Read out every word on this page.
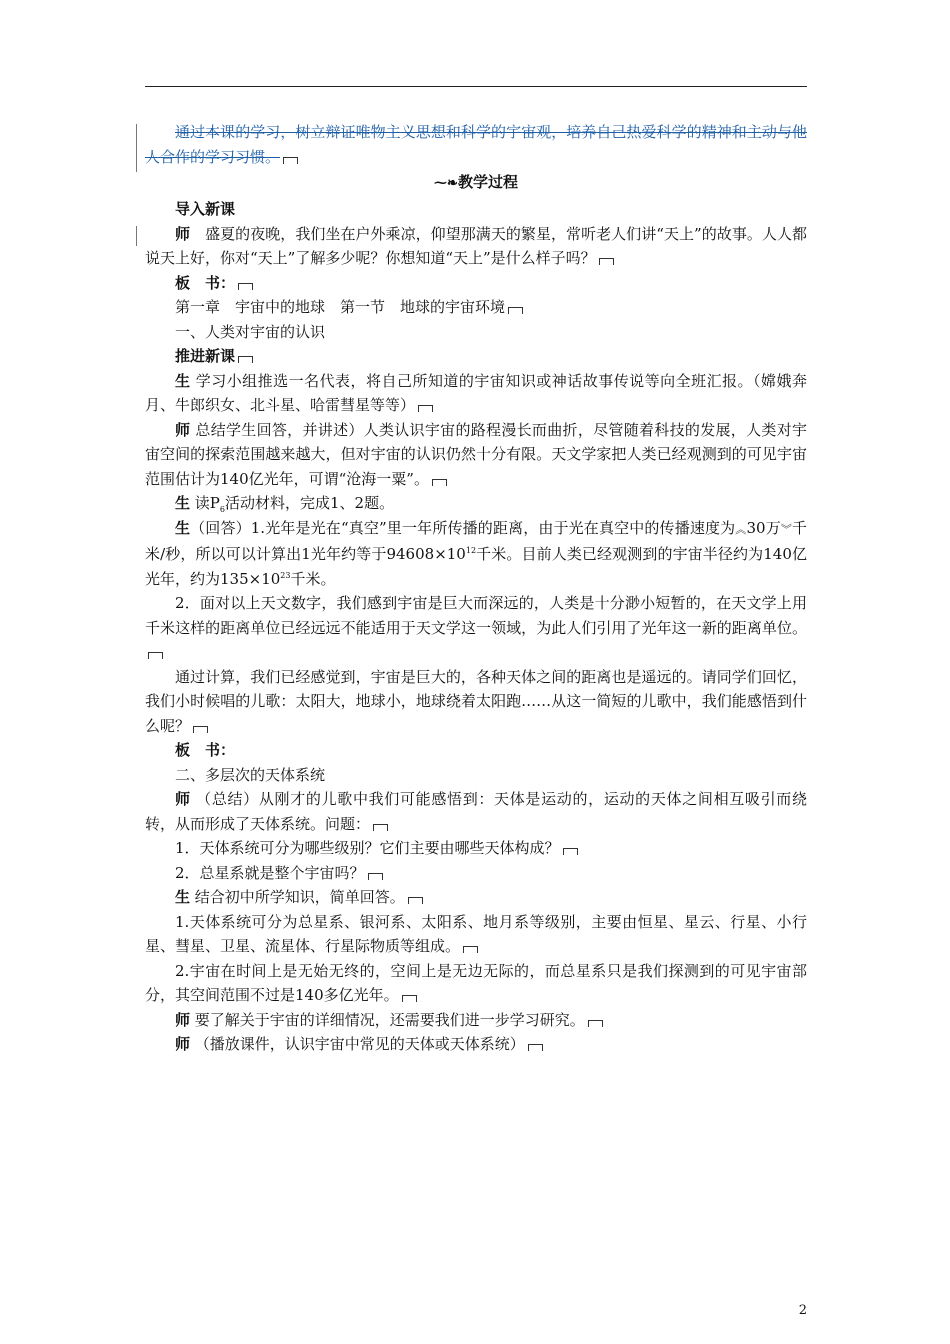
通过本课的学习，树立辩证唯物主义思想和科学的宇宙观，培养自己热爱科学的精神和主动与他人合作的学习习惯。

⁓❧教学过程

导入新课

师　 盛夏的夜晚，我们坐在户外乘凉，仰望那满天的繁星，常听老人们讲“天上”的故事。人人都说天上好，你对“天上”了解多少呢？你想知道“天上”是什么样子吗？

板　书：

第一章　宇宙中的地球　第一节　地球的宇宙环境

一、人类对宇宙的认识

推进新课

生 学习小组推选一名代表，将自己所知道的宇宙知识或神话故事传说等向全班汇报。（嫦娥奔月、牛郎织女、北斗星、哈雷彗星等等）

师 总结学生回答，并讲述）人类认识宇宙的路程漫长而曲折，尽管随着科技的发展，人类对宇宙空间的探索范围越来越大，但对宇宙的认识仍然十分有限。天文学家把人类已经观测到的可见宇宙范围估计为140亿光年，可谓“沧海一粟”。

生 读$P_6$活动材料，完成1、2题。

生（回答）1.光年是光在“真空”里一年所传播的距离，由于光在真空中的传播速度为︽30万︾千米/秒，所以可以计算出1光年约等于$94608\times 10^{12}$千米。目前人类已经观测到的宇宙半径约为140亿光年，约为$135\times 10^{23}$千米。

2．面对以上天文数字，我们感到宇宙是巨大而深远的，人类是十分渺小短暂的，在天文学上用千米这样的距离单位已经远远不能适用于天文学这一领域，为此人们引用了光年这一新的距离单位。

通过计算，我们已经感觉到，宇宙是巨大的，各种天体之间的距离也是遥远的。请同学们回忆，我们小时候唱的儿歌：太阳大，地球小，地球绕着太阳跑……从这一简短的儿歌中，我们能感悟到什么呢？

板　书：

二、多层次的天体系统

师 （总结）从刚才的儿歌中我们可能感悟到：天体是运动的，运动的天体之间相互吸引而绕转，从而形成了天体系统。问题：

1．天体系统可分为哪些级别？它们主要由哪些天体构成？

2．总星系就是整个宇宙吗？

生 结合初中所学知识，简单回答。

1.天体系统可分为总星系、银河系、太阳系、地月系等级别，主要由恒星、星云、行星、小行星、彗星、卫星、流星体、行星际物质等组成。

2.宇宙在时间上是无始无终的，空间上是无边无际的，而总星系只是我们探测到的可见宇宙部分，其空间范围不过是140多亿光年。

师 要了解关于宇宙的详细情况，还需要我们进一步学习研究。

师 （播放课件，认识宇宙中常见的天体或天体系统）

2
